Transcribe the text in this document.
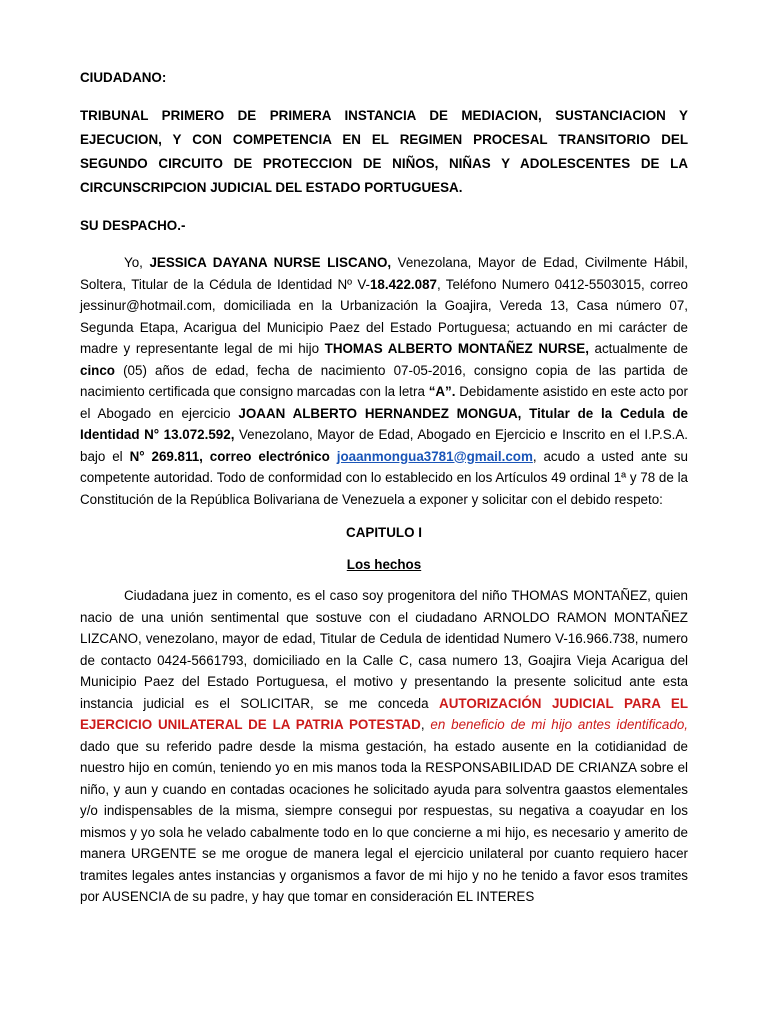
CIUDADANO:

TRIBUNAL PRIMERO DE PRIMERA INSTANCIA DE MEDIACION, SUSTANCIACION Y EJECUCION, Y CON COMPETENCIA EN EL REGIMEN PROCESAL TRANSITORIO DEL SEGUNDO CIRCUITO DE PROTECCION DE NIÑOS, NIÑAS Y ADOLESCENTES DE LA CIRCUNSCRIPCION JUDICIAL DEL ESTADO PORTUGUESA.

SU DESPACHO.-

Yo, JESSICA DAYANA NURSE LISCANO, Venezolana, Mayor de Edad, Civilmente Hábil, Soltera, Titular de la Cédula de Identidad Nº V-18.422.087, Teléfono Numero 0412-5503015, correo jessinur@hotmail.com, domiciliada en la Urbanización la Goajira, Vereda 13, Casa número 07, Segunda Etapa, Acarigua del Municipio Paez del Estado Portuguesa; actuando en mi carácter de madre y representante legal de mi hijo THOMAS ALBERTO MONTAÑEZ NURSE, actualmente de cinco (05) años de edad, fecha de nacimiento 07-05-2016, consigno copia de las partida de nacimiento certificada que consigno marcadas con la letra “A”. Debidamente asistido en este acto por el Abogado en ejercicio JOAAN ALBERTO HERNANDEZ MONGUA, Titular de la Cedula de Identidad N° 13.072.592, Venezolano, Mayor de Edad, Abogado en Ejercicio e Inscrito en el I.P.S.A. bajo el N° 269.811, correo electrónico joaanmongua3781@gmail.com, acudo a usted ante su competente autoridad. Todo de conformidad con lo establecido en los Artículos 49 ordinal 1ª y 78 de la Constitución de la República Bolivariana de Venezuela a exponer y solicitar con el debido respeto:

CAPITULO I

Los hechos

Ciudadana juez in comento, es el caso soy progenitora del niño THOMAS MONTAÑEZ, quien nacio de una unión sentimental que sostuve con el ciudadano ARNOLDO RAMON MONTAÑEZ LIZCANO, venezolano, mayor de edad, Titular de Cedula de identidad Numero V-16.966.738, numero de contacto 0424-5661793, domiciliado en la Calle C, casa numero 13, Goajira Vieja Acarigua del Municipio Paez del Estado Portuguesa, el motivo y presentando la presente solicitud ante esta instancia judicial es el SOLICITAR, se me conceda AUTORIZACIÓN JUDICIAL PARA EL EJERCICIO UNILATERAL DE LA PATRIA POTESTAD, en beneficio de mi hijo antes identificado, dado que su referido padre desde la misma gestación, ha estado ausente en la cotidianidad de nuestro hijo en común, teniendo yo en mis manos toda la RESPONSABILIDAD DE CRIANZA sobre el niño, y aun y cuando en contadas ocaciones he solicitado ayuda para solventra gaastos elementales y/o indispensables de la misma, siempre consegui por respuestas, su negativa a coayudar en los mismos y yo sola he velado cabalmente todo en lo que concierne a mi hijo, es necesario y amerito de manera URGENTE se me orogue de manera legal el ejercicio unilateral por cuanto requiero hacer tramites legales antes instancias y organismos a favor de mi hijo y no he tenido a favor esos tramites por AUSENCIA de su padre, y hay que tomar en consideración EL INTERES
